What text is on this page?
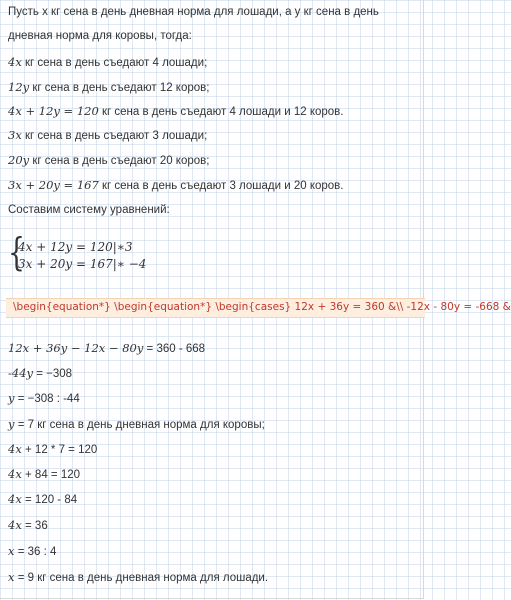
Пусть x кг сена в день дневная норма для лошади, а y кг сена в день
дневная норма для коровы, тогда:
4x кг сена в день съедают 4 лошади;
12y кг сена в день съедают 12 коров;
4x + 12y = 120 кг сена в день съедают 4 лошади и 12 коров.
3x кг сена в день съедают 3 лошади;
20y кг сена в день съедают 20 коров;
3x + 20y = 167 кг сена в день съедают 3 лошади и 20 коров.
Составим систему уравнений:
{
4x + 12y = 120|∗3
3x + 20y = 167|∗ −4
\begin{equation*} \begin{equation*} \begin{cases} 12x + 36y = 360 &\\ -12x - 80y = -668 &
12x + 36y − 12x − 80y = 360 - 668
-44y = −308
y = −308 : -44
y = 7 кг сена в день дневная норма для коровы;
4x + 12 * 7 = 120
4x + 84 = 120
4x = 120 - 84
4x = 36
x = 36 : 4
x = 9 кг сена в день дневная норма для лошади.
